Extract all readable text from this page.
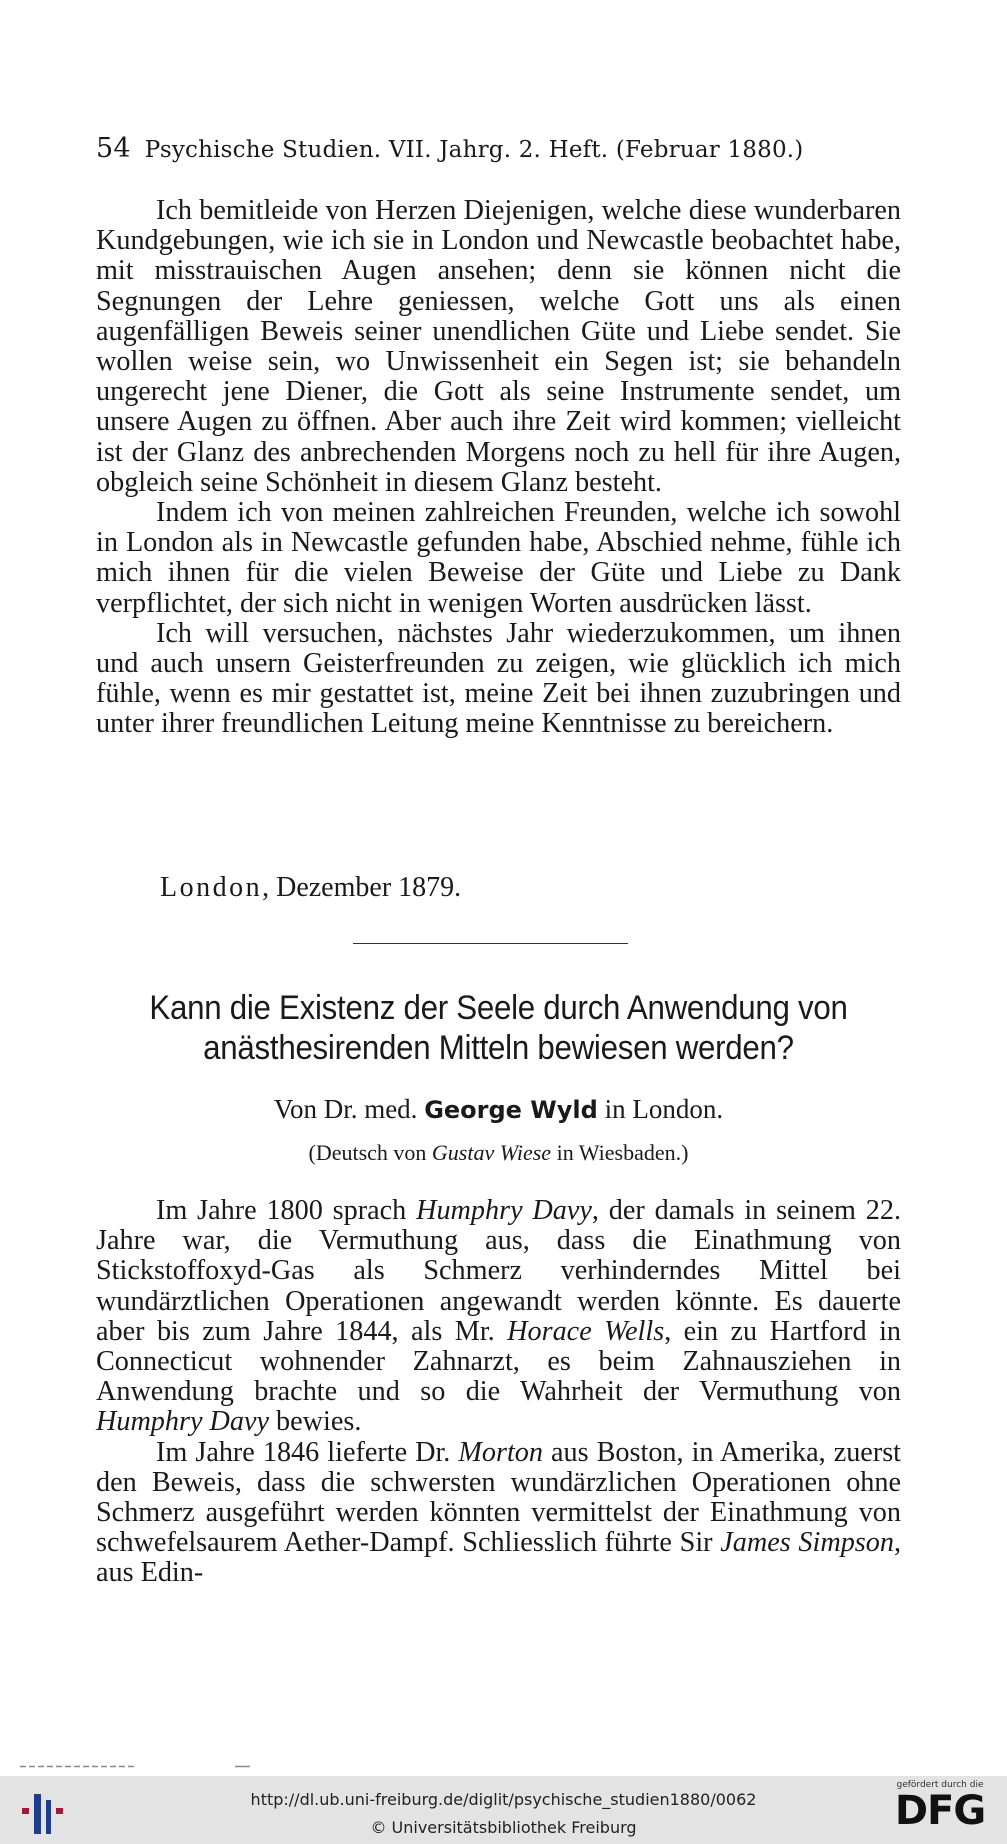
54 Psychische Studien. VII. Jahrg. 2. Heft. (Februar 1880.)

Ich bemitleide von Herzen Diejenigen, welche diese wunderbaren Kundgebungen, wie ich sie in London und Newcastle beobachtet habe, mit misstrauischen Augen ansehen; denn sie können nicht die Segnungen der Lehre geniessen, welche Gott uns als einen augenfälligen Beweis seiner unendlichen Güte und Liebe sendet. Sie wollen weise sein, wo Unwissenheit ein Segen ist; sie behandeln ungerecht jene Diener, die Gott als seine Instrumente sendet, um unsere Augen zu öffnen. Aber auch ihre Zeit wird kommen; vielleicht ist der Glanz des anbrechenden Morgens noch zu hell für ihre Augen, obgleich seine Schönheit in diesem Glanz besteht.

Indem ich von meinen zahlreichen Freunden, welche ich sowohl in London als in Newcastle gefunden habe, Abschied nehme, fühle ich mich ihnen für die vielen Beweise der Güte und Liebe zu Dank verpflichtet, der sich nicht in wenigen Worten ausdrücken lässt.

Ich will versuchen, nächstes Jahr wiederzukommen, um ihnen und auch unsern Geisterfreunden zu zeigen, wie glücklich ich mich fühle, wenn es mir gestattet ist, meine Zeit bei ihnen zuzubringen und unter ihrer freundlichen Leitung meine Kenntnisse zu bereichern.

London, Dezember 1879.
Kann die Existenz der Seele durch Anwendung von
anästhesirenden Mitteln bewiesen werden?
Von Dr. med. George Wyld in London.
(Deutsch von Gustav Wiese in Wiesbaden.)

Im Jahre 1800 sprach Humphry Davy, der damals in seinem 22. Jahre war, die Vermuthung aus, dass die Einathmung von Stickstoffoxyd-Gas als Schmerz verhinderndes Mittel bei wundärztlichen Operationen angewandt werden könnte. Es dauerte aber bis zum Jahre 1844, als Mr. Horace Wells, ein zu Hartford in Connecticut wohnender Zahnarzt, es beim Zahnausziehen in Anwendung brachte und so die Wahrheit der Vermuthung von Humphry Davy bewies.

Im Jahre 1846 lieferte Dr. Morton aus Boston, in Amerika, zuerst den Beweis, dass die schwersten wundärzlichen Operationen ohne Schmerz ausgeführt werden könnten vermittelst der Einathmung von schwefelsaurem Aether-Dampf. Schliesslich führte Sir James Simpson, aus Edin-

http://dl.ub.uni-freiburg.de/diglit/psychische_studien1880/0062
© Universitätsbibliothek Freiburg
gefördert durch die
DFG
